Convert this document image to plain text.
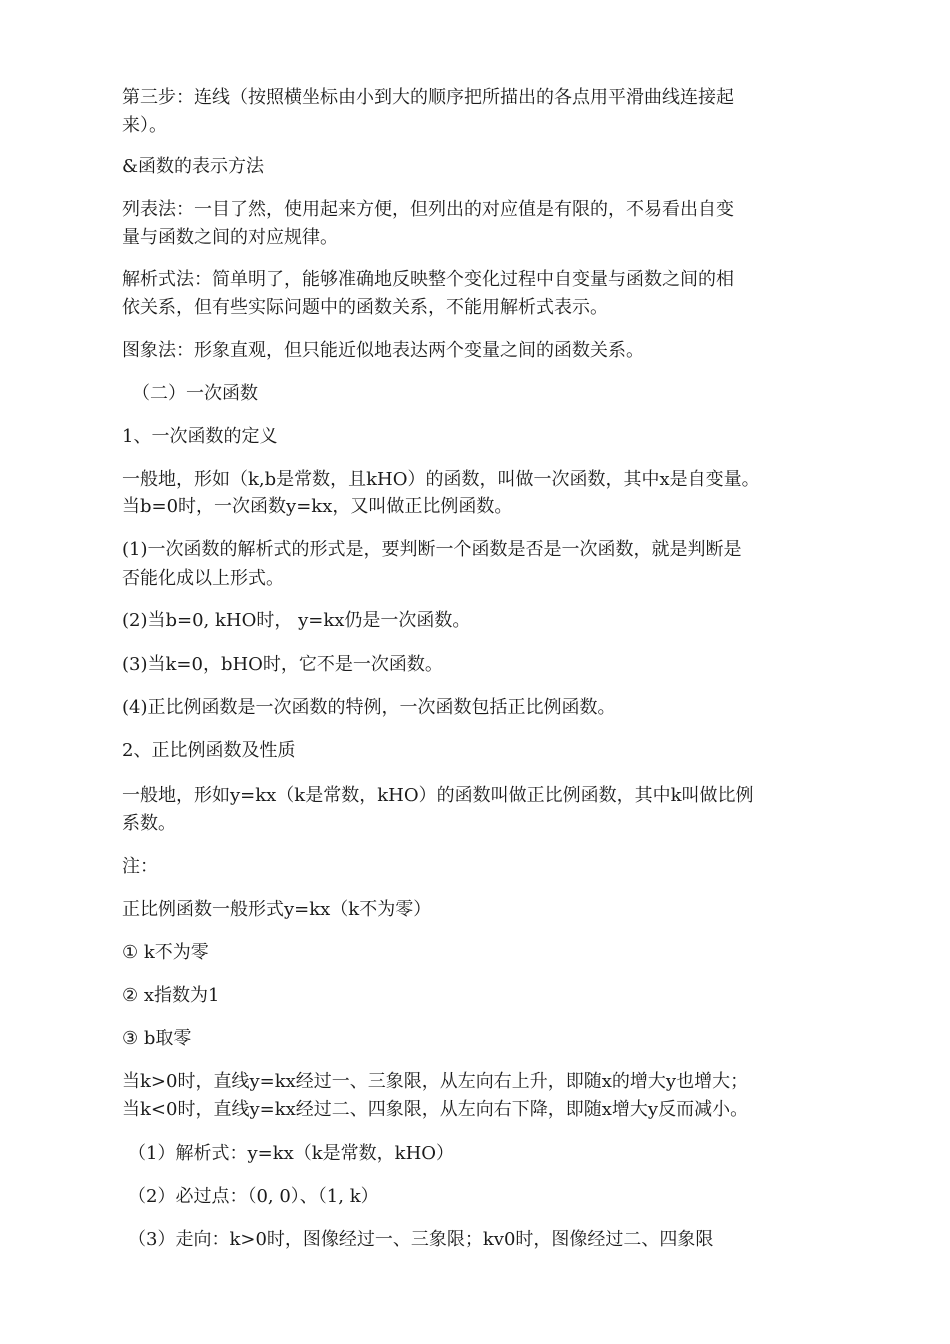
第三步：连线（按照横坐标由小到大的顺序把所描出的各点用平滑曲线连接起
来）。
&函数的表示方法
列表法：一目了然，使用起来方便，但列出的对应值是有限的，不易看出自变
量与函数之间的对应规律。
解析式法：简单明了，能够准确地反映整个变化过程中自变量与函数之间的相
依关系，但有些实际问题中的函数关系，不能用解析式表示。
图象法：形象直观，但只能近似地表达两个变量之间的函数关系。
（二）一次函数
1、一次函数的定义
一般地，形如（k,b是常数，且kHO）的函数，叫做一次函数，其中x是自变量。
当b=0时，一次函数y=kx，又叫做正比例函数。
(1)一次函数的解析式的形式是，要判断一个函数是否是一次函数，就是判断是
否能化成以上形式。
(2)当b=0, kHO时， y=kx仍是一次函数。
(3)当k=0，bHO时，它不是一次函数。
(4)正比例函数是一次函数的特例，一次函数包括正比例函数。
2、正比例函数及性质
一般地，形如y=kx（k是常数，kHO）的函数叫做正比例函数，其中k叫做比例
系数。
注：
正比例函数一般形式y=kx（k不为零）
① k不为零
② x指数为1
③ b取零
当k>0时，直线y=kx经过一、三象限，从左向右上升，即随x的增大y也增大；
当k<0时，直线y=kx经过二、四象限，从左向右下降，即随x增大y反而减小。
（1）解析式：y=kx（k是常数，kHO）
（2）必过点：（0, 0）、（1, k）
（3）走向：k>0时，图像经过一、三象限；kv0时，图像经过二、四象限
